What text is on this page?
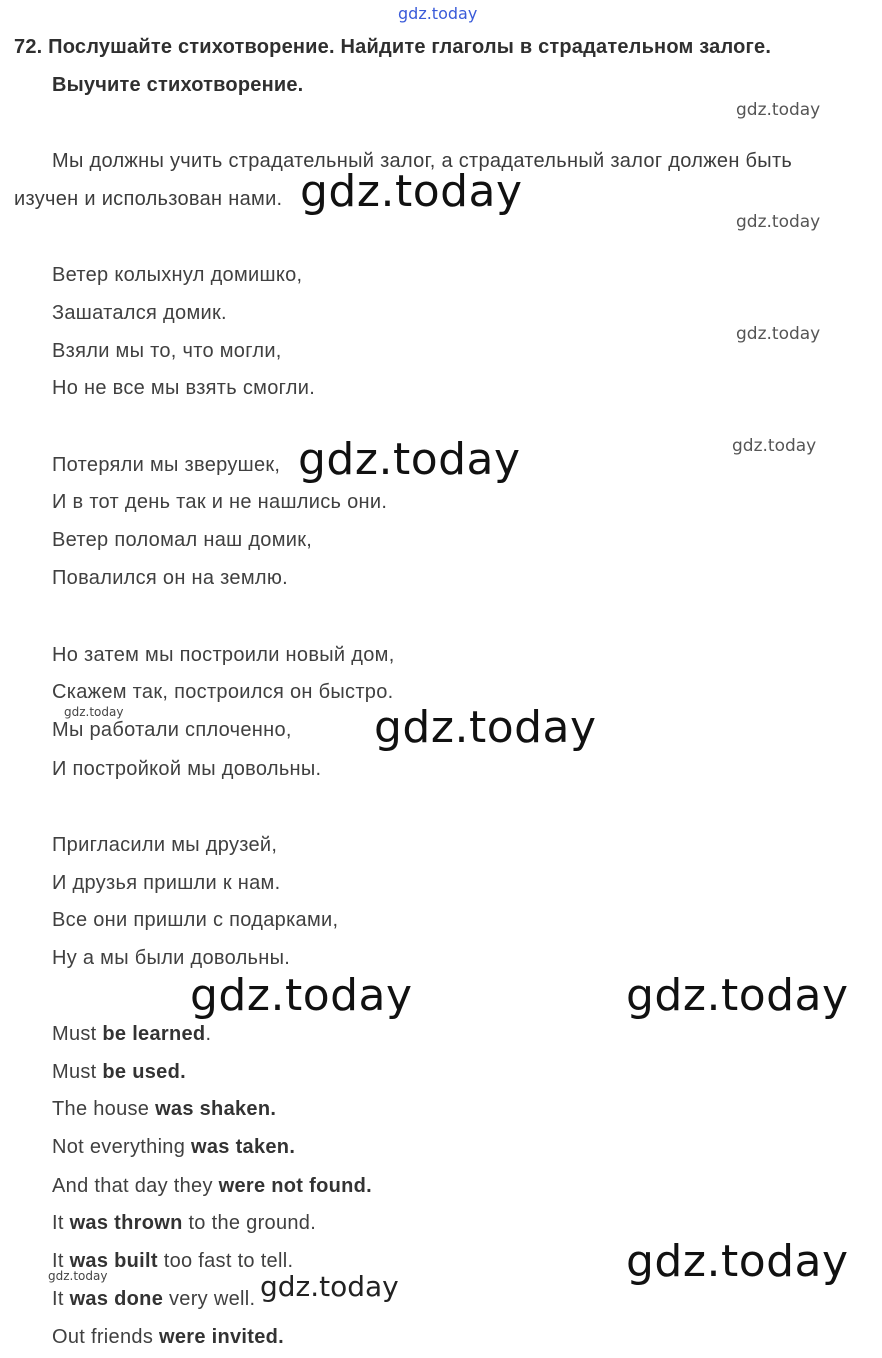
gdz.today
72. Послушайте стихотворение. Найдите глаголы в страдательном залоге.
Выучите стихотворение.
gdz.today
Мы должны учить страдательный залог, а страдательный залог должен быть
изучен и использован нами. gdz.today
gdz.today
Ветер колыхнул домишко,
Зашатался домик.
Взяли мы то, что могли,
Но не все мы взять смогли.
gdz.today
Потеряли мы зверушек,
И в тот день так и не нашлись они.
Ветер поломал наш домик,
Повалился он на землю.
gdz.today	gdz.today
Но затем мы построили новый дом,
Скажем так, построился он быстро.
Мы работали сплоченно,
И постройкой мы довольны.
gdz.today	gdz.today
Пригласили мы друзей,
И друзья пришли к нам.
Все они пришли с подарками,
Ну а мы были довольны.
gdz.today	gdz.today
Must be learned.
Must be used.
The house was shaken.
Not everything was taken.
And that day they were not found.
It was thrown to the ground.
It was built too fast to tell.
It was done very well.
Out friends were invited.
gdz.today	gdz.today	gdz.today
